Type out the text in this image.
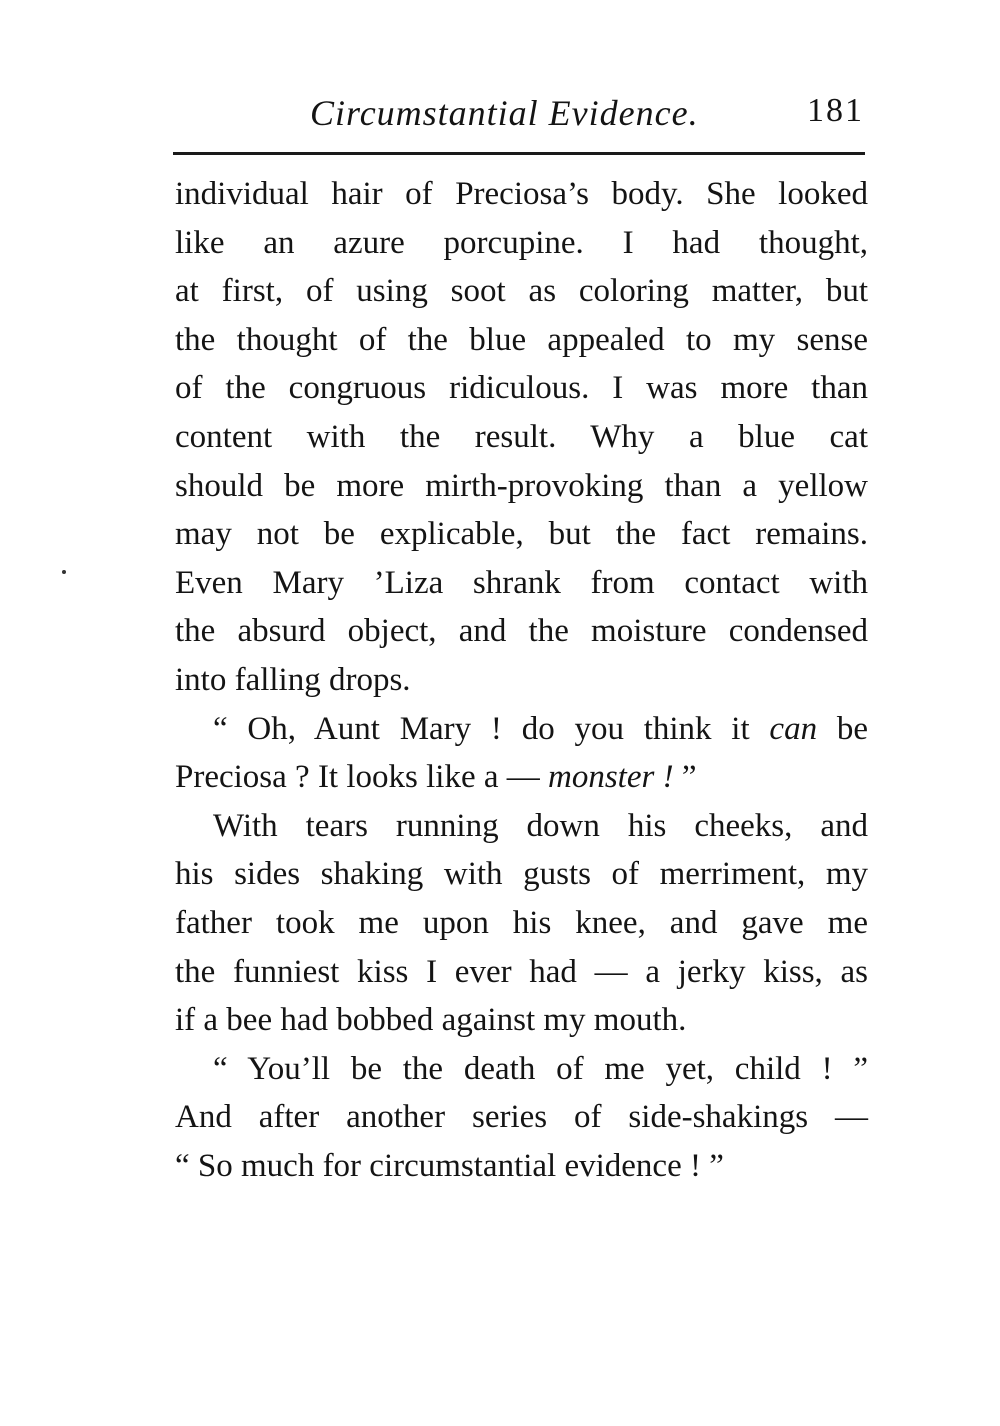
Circumstantial Evidence.	181
individual hair of Preciosa’s body. She looked
like an azure porcupine. I had thought,
at first, of using soot as coloring matter, but
the thought of the blue appealed to my sense
of the congruous ridiculous. I was more than
content with the result. Why a blue cat
should be more mirth-provoking than a yellow
may not be explicable, but the fact remains.
Even Mary ’Liza shrank from contact with
the absurd object, and the moisture condensed
into falling drops.
“ Oh, Aunt Mary ! do you think it can be
Preciosa ? It looks like a — monster ! ”
With tears running down his cheeks, and
his sides shaking with gusts of merriment, my
father took me upon his knee, and gave me
the funniest kiss I ever had — a jerky kiss, as
if a bee had bobbed against my mouth.
“ You’ll be the death of me yet, child ! ”
And after another series of side-shakings —
“ So much for circumstantial evidence ! ”
